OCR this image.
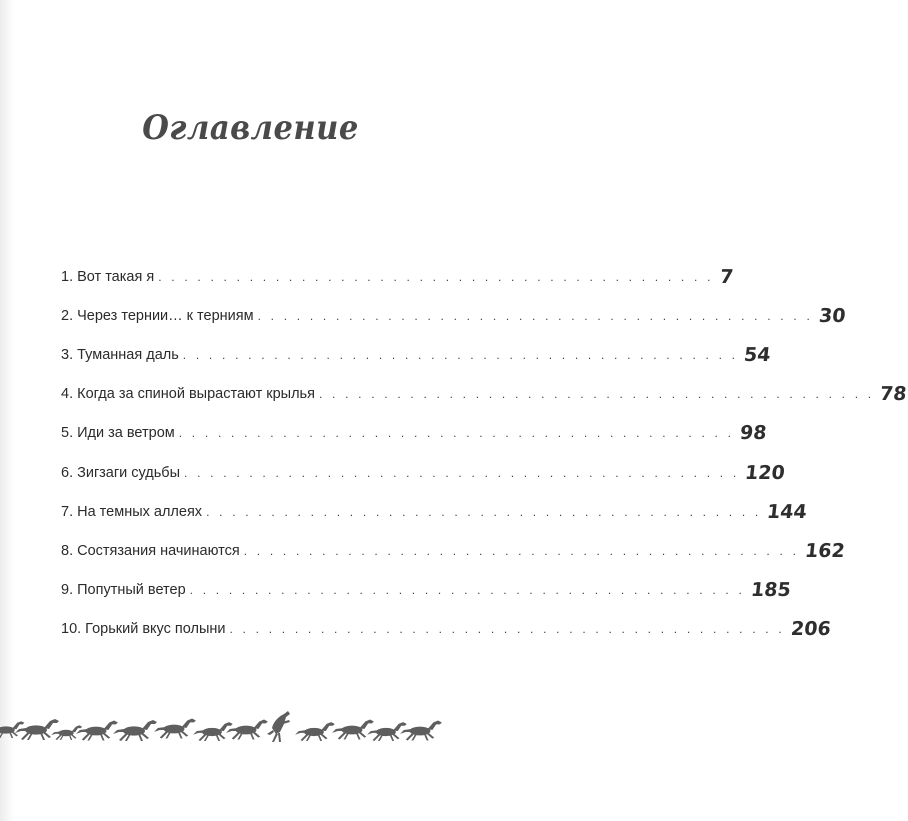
Оглавление
1. Вот такая я . . . . . . . . . . . . . . . . . . . . . . . . . . . . . . . . . . . . . . . . . . . 7
2. Через тернии… к терниям . . . . . . . . . . . . . . . . . . . . . . . . . . . . . . . . . . . . . . . . . . . 30
3. Туманная даль . . . . . . . . . . . . . . . . . . . . . . . . . . . . . . . . . . . . . . . . . . . 54
4. Когда за спиной вырастают крылья . . . . . . . . . . . . . . . . . . . . . . . . . . . . . . . . . . . . . . . . . . . 78
5. Иди за ветром . . . . . . . . . . . . . . . . . . . . . . . . . . . . . . . . . . . . . . . . . . . 98
6. Зигзаги судьбы . . . . . . . . . . . . . . . . . . . . . . . . . . . . . . . . . . . . . . . . . . . 120
7. На темных аллеях . . . . . . . . . . . . . . . . . . . . . . . . . . . . . . . . . . . . . . . . . . . 144
8. Состязания начинаются . . . . . . . . . . . . . . . . . . . . . . . . . . . . . . . . . . . . . . . . . . . 162
9. Попутный ветер . . . . . . . . . . . . . . . . . . . . . . . . . . . . . . . . . . . . . . . . . . . 185
10. Горький вкус полыни . . . . . . . . . . . . . . . . . . . . . . . . . . . . . . . . . . . . . . . . . . . 206
